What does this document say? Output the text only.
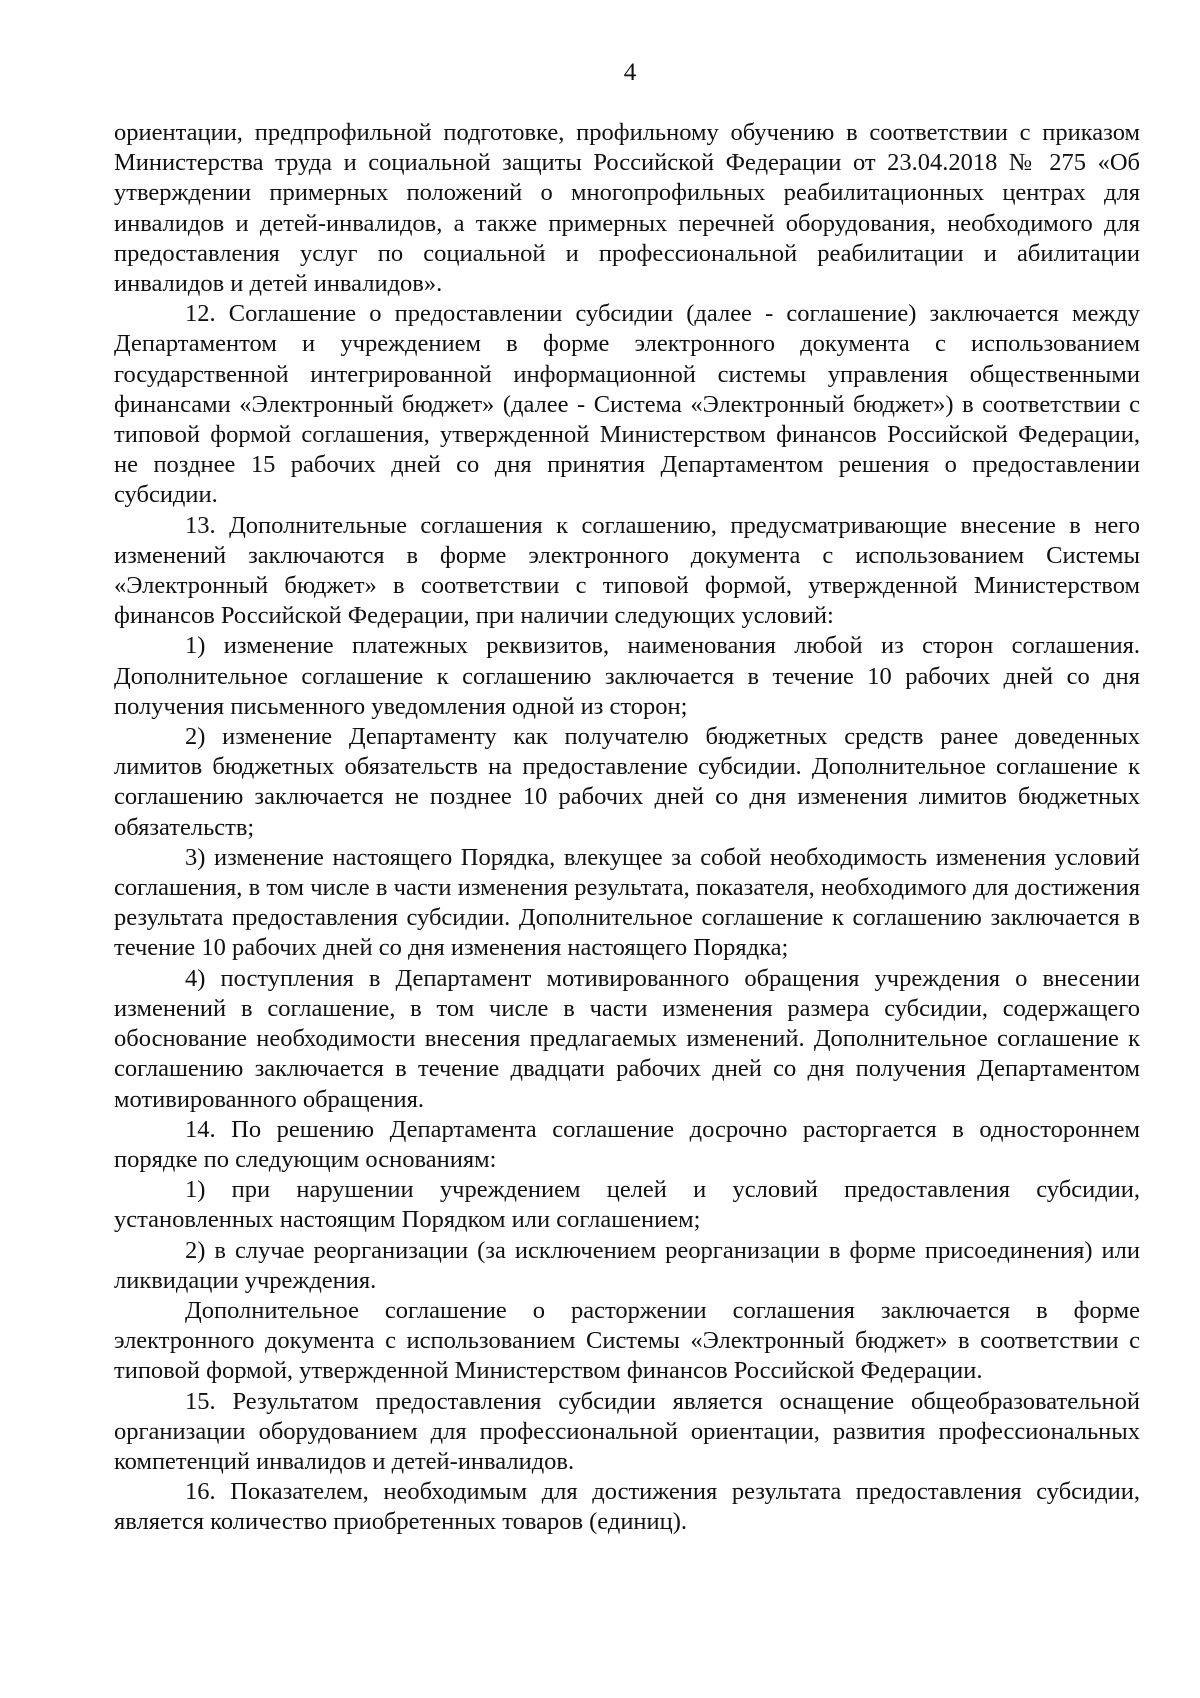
4

ориентации, предпрофильной подготовке, профильному обучению в соответствии с приказом Министерства труда и социальной защиты Российской Федерации от 23.04.2018 № 275 «Об утверждении примерных положений о многопрофильных реабилитационных центрах для инвалидов и детей-инвалидов, а также примерных перечней оборудования, необходимого для предоставления услуг по социальной и профессиональной реабилитации и абилитации инвалидов и детей инвалидов».

12. Соглашение о предоставлении субсидии (далее - соглашение) заключается между Департаментом и учреждением в форме электронного документа с использованием государственной интегрированной информационной системы управления общественными финансами «Электронный бюджет» (далее - Система «Электронный бюджет») в соответствии с типовой формой соглашения, утвержденной Министерством финансов Российской Федерации, не позднее 15 рабочих дней со дня принятия Департаментом решения о предоставлении субсидии.

13. Дополнительные соглашения к соглашению, предусматривающие внесение в него изменений заключаются в форме электронного документа с использованием Системы «Электронный бюджет» в соответствии с типовой формой, утвержденной Министерством финансов Российской Федерации, при наличии следующих условий:

1) изменение платежных реквизитов, наименования любой из сторон соглашения. Дополнительное соглашение к соглашению заключается в течение 10 рабочих дней со дня получения письменного уведомления одной из сторон;

2) изменение Департаменту как получателю бюджетных средств ранее доведенных лимитов бюджетных обязательств на предоставление субсидии. Дополнительное соглашение к соглашению заключается не позднее 10 рабочих дней со дня изменения лимитов бюджетных обязательств;

3) изменение настоящего Порядка, влекущее за собой необходимость изменения условий соглашения, в том числе в части изменения результата, показателя, необходимого для достижения результата предоставления субсидии. Дополнительное соглашение к соглашению заключается в течение 10 рабочих дней со дня изменения настоящего Порядка;

4) поступления в Департамент мотивированного обращения учреждения о внесении изменений в соглашение, в том числе в части изменения размера субсидии, содержащего обоснование необходимости внесения предлагаемых изменений. Дополнительное соглашение к соглашению заключается в течение двадцати рабочих дней со дня получения Департаментом мотивированного обращения.

14. По решению Департамента соглашение досрочно расторгается в одностороннем порядке по следующим основаниям:

1) при нарушении учреждением целей и условий предоставления субсидии, установленных настоящим Порядком или соглашением;

2) в случае реорганизации (за исключением реорганизации в форме присоединения) или ликвидации учреждения.

Дополнительное соглашение о расторжении соглашения заключается в форме электронного документа с использованием Системы «Электронный бюджет» в соответствии с типовой формой, утвержденной Министерством финансов Российской Федерации.

15. Результатом предоставления субсидии является оснащение общеобразовательной организации оборудованием для профессиональной ориентации, развития профессиональных компетенций инвалидов и детей-инвалидов.

16. Показателем, необходимым для достижения результата предоставления субсидии, является количество приобретенных товаров (единиц).
